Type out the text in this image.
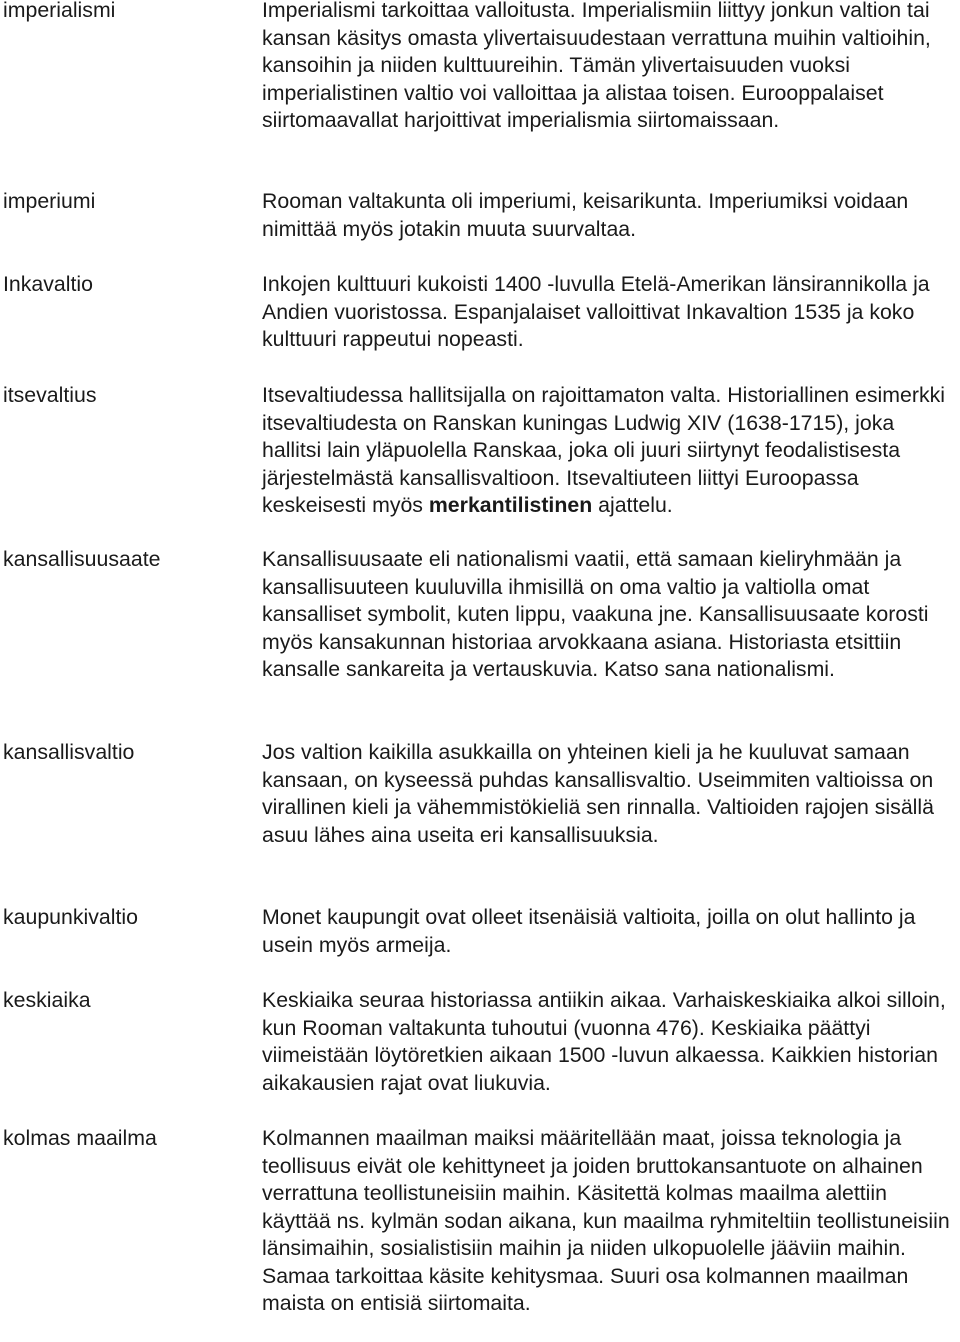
imperialismi	Imperialismi tarkoittaa valloitusta. Imperialismiin liittyy jonkun valtion tai kansan käsitys omasta ylivertaisuudestaan verrattuna muihin valtioihin, kansoihin ja niiden kulttuureihin. Tämän ylivertaisuuden vuoksi imperialistinen valtio voi valloittaa ja alistaa toisen. Eurooppalaiset siirtomaavallat harjoittivat imperialismia siirtomaissaan.

imperiumi	Rooman valtakunta oli imperiumi, keisarikunta. Imperiumiksi voidaan nimittää myös jotakin muuta suurvaltaa.

Inkavaltio	Inkojen kulttuuri kukoisti 1400 -luvulla Etelä-Amerikan länsirannikolla ja Andien vuoristossa. Espanjalaiset valloittivat Inkavaltion 1535 ja koko kulttuuri rappeutui nopeasti.

itsevaltius	Itsevaltiudessa hallitsijalla on rajoittamaton valta. Historiallinen esimerkki itsevaltiudesta on Ranskan kuningas Ludwig XIV (1638-1715), joka hallitsi lain yläpuolella Ranskaa, joka oli juuri siirtynyt feodalistisesta järjestelmästä kansallisvaltioon. Itsevaltiuteen liittyi Euroopassa keskeisesti myös merkantilistinen ajattelu.

kansallisuusaate	Kansallisuusaate eli nationalismi vaatii, että samaan kieliryhmään ja kansallisuuteen kuuluvilla ihmisillä on oma valtio ja valtiolla omat kansalliset symbolit, kuten lippu, vaakuna jne. Kansallisuusaate korosti myös kansakunnan historiaa arvokkaana asiana. Historiasta etsittiin kansalle sankareita ja vertauskuvia. Katso sana nationalismi.

kansallisvaltio	Jos valtion kaikilla asukkailla on yhteinen kieli ja he kuuluvat samaan kansaan, on kyseessä puhdas kansallisvaltio. Useimmiten valtioissa on virallinen kieli ja vähemmistökieliä sen rinnalla. Valtioiden rajojen sisällä asuu lähes aina useita eri kansallisuuksia.

kaupunkivaltio	Monet kaupungit ovat olleet itsenäisiä valtioita, joilla on olut hallinto ja usein myös armeija.

keskiaika	Keskiaika seuraa historiassa antiikin aikaa. Varhaiskeskiaika alkoi silloin, kun Rooman valtakunta tuhoutui (vuonna 476). Keskiaika päättyi viimeistään löytöretkien aikaan 1500 -luvun alkaessa. Kaikkien historian aikakausien rajat ovat liukuvia.

kolmas maailma	Kolmannen maailman maiksi määritellään maat, joissa teknologia ja teollisuus eivät ole kehittyneet ja joiden bruttokansantuote on alhainen verrattuna teollistuneisiin maihin. Käsitettä kolmas maailma alettiin käyttää ns. kylmän sodan aikana, kun maailma ryhmiteltiin teollistuneisiin länsimaihin, sosialistisiin maihin ja niiden ulkopuolelle jääviin maihin. Samaa tarkoittaa käsite kehitysmaa. Suuri osa kolmannen maailman maista on entisiä siirtomaita.
